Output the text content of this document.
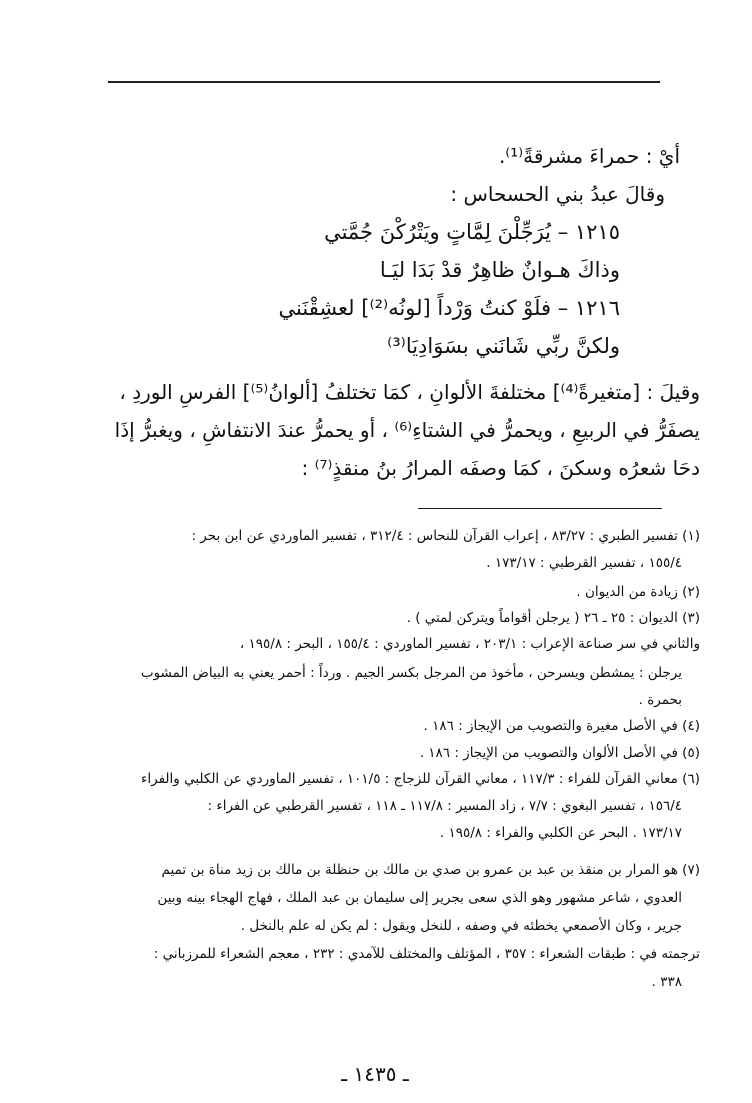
أيْ : حمراءَ مشرقةً⁽¹⁾.
وقالَ عبدُ بني الحسحاس :
١٢١٥ – يُرَجِّلْنَ لِمَّاتٍ ويَتْرُكْنَ جُمَّتي
وذاكَ هـوانٌ ظاهِرٌ قدْ بَدَا ليَـا
١٢١٦ – فلَوْ كنتُ وَرْداً [لونُه⁽²⁾] لعشِقْنَني
ولكنَّ ربِّي شَانَني بسَوَادِيَا⁽³⁾
وقيلَ : [متغيرةً⁽⁴⁾] مختلفةَ الألوانِ ، كمَا تختلفُ [ألوانُ⁽⁵⁾] الفرسِ الوردِ ،
يصفَرُّ في الربيعِ ، ويحمرُّ في الشتاءِ⁽⁶⁾ ، أو يحمرُّ عندَ الانتفاشِ ، ويغبرُّ إذَا
دحَا شعرُه وسكنَ ، كمَا وصفَه المرارُ بنُ منقذٍ⁽⁷⁾ :
(١) تفسير الطبري : ٨٣/٢٧ ، إعراب القرآن للنحاس : ٣١٢/٤ ، تفسير الماوردي عن ابن بحر :
١٥٥/٤ ، تفسير القرطبي : ١٧٣/١٧ .
(٢) زيادة من الديوان .
(٣) الديوان : ٢٥ ـ ٢٦ ( يرجلن أقواماً ويتركن لمتي ) .
والثاني في سر صناعة الإعراب : ٢٠٣/١ ، تفسير الماوردي : ١٥٥/٤ ، البحر : ١٩٥/٨ ،
يرجلن : يمشطن ويسرحن ، مأخوذ من المرجل بكسر الجيم . ورداً : أحمر يعني به البياض المشوب
بحمرة .
(٤) في الأصل مغيرة والتصويب من الإيجاز : ١٨٦ .
(٥) في الأصل الألوان والتصويب من الإيجاز : ١٨٦ .
(٦) معاني القرآن للفراء : ١١٧/٣ ، معاني القرآن للزجاج : ١٠١/٥ ، تفسير الماوردي عن الكلبي والفراء
١٥٦/٤ ، تفسير البغوي : ٧/٧ ، زاد المسير : ١١٧/٨ ـ ١١٨ ، تفسير القرطبي عن الفراء :
١٧٣/١٧ . البحر عن الكلبي والفراء : ١٩٥/٨ .
(٧) هو المرار بن منقذ بن عبد بن عمرو بن صدي بن مالك بن حنظلة بن مالك بن زيد مناة بن تميم
العدوي ، شاعر مشهور وهو الذي سعى بجرير إلى سليمان بن عبد الملك ، فهاج الهجاء بينه وبين
جرير ، وكان الأصمعي يخطئه في وصفه ، للنخل ويقول : لم يكن له علم بالنخل .
ترجمته في : طبقات الشعراء : ٣٥٧ ، المؤتلف والمختلف للآمدي : ٢٣٢ ، معجم الشعراء للمرزباني :
٣٣٨ .
ـ ١٤٣٥ ـ
